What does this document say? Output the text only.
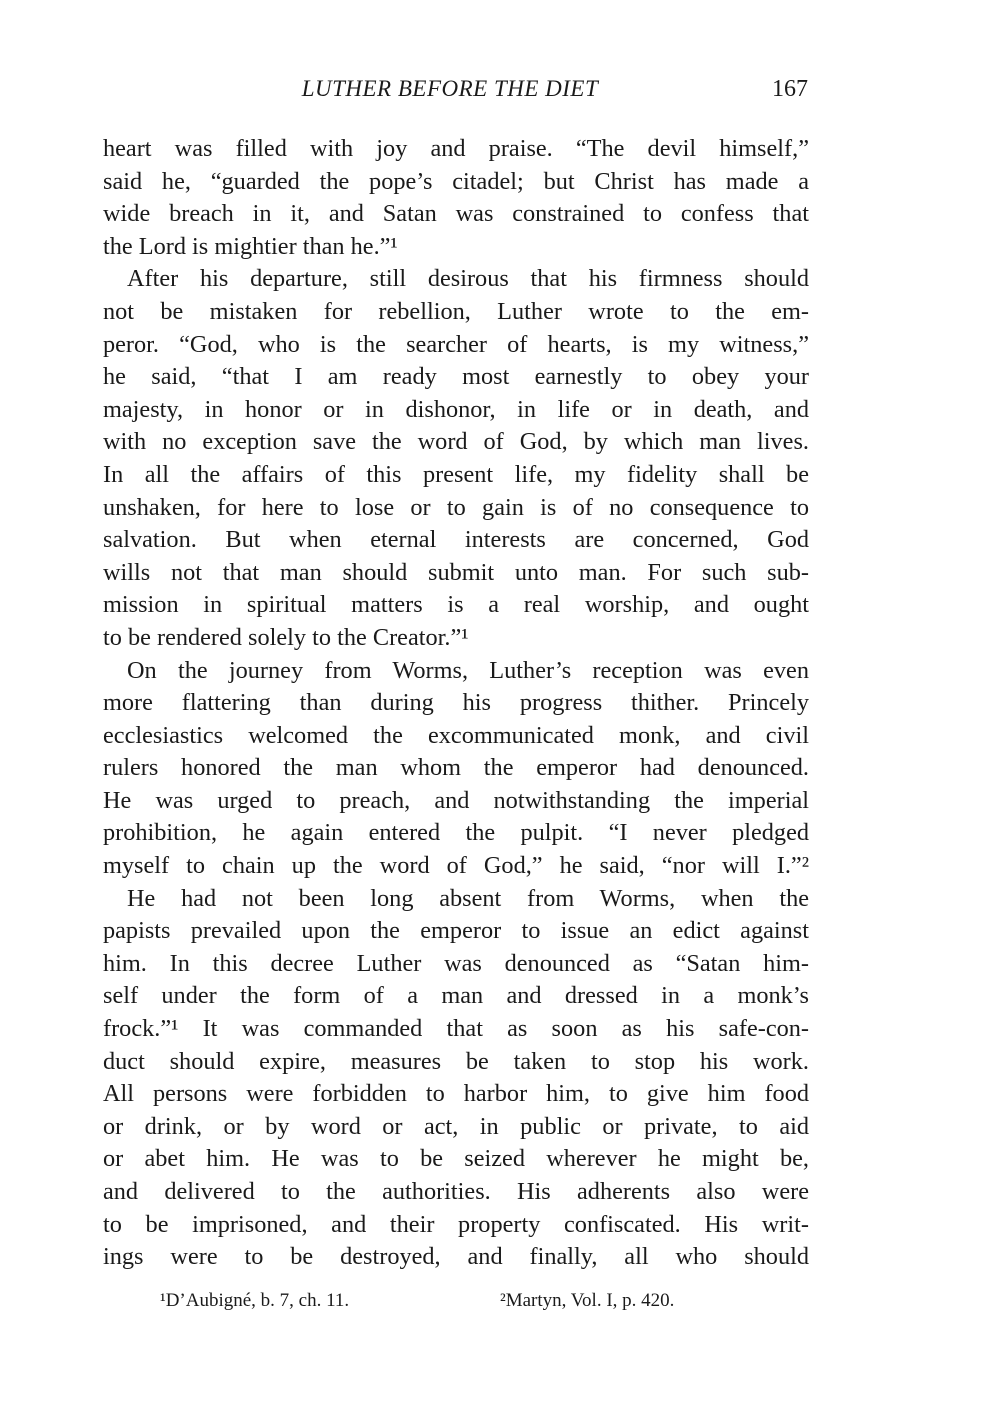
LUTHER BEFORE THE DIET	167
heart was filled with joy and praise. “The devil himself,”
said he, “guarded the pope’s citadel; but Christ has made a
wide breach in it, and Satan was constrained to confess that
the Lord is mightier than he.”¹
After his departure, still desirous that his firmness should
not be mistaken for rebellion, Luther wrote to the em-
peror. “God, who is the searcher of hearts, is my witness,”
he said, “that I am ready most earnestly to obey your
majesty, in honor or in dishonor, in life or in death, and
with no exception save the word of God, by which man lives.
In all the affairs of this present life, my fidelity shall be
unshaken, for here to lose or to gain is of no consequence to
salvation. But when eternal interests are concerned, God
wills not that man should submit unto man. For such sub-
mission in spiritual matters is a real worship, and ought
to be rendered solely to the Creator.”¹
On the journey from Worms, Luther’s reception was even
more flattering than during his progress thither. Princely
ecclesiastics welcomed the excommunicated monk, and civil
rulers honored the man whom the emperor had denounced.
He was urged to preach, and notwithstanding the imperial
prohibition, he again entered the pulpit. “I never pledged
myself to chain up the word of God,” he said, “nor will I.”²
He had not been long absent from Worms, when the
papists prevailed upon the emperor to issue an edict against
him. In this decree Luther was denounced as “Satan him-
self under the form of a man and dressed in a monk’s
frock.”¹ It was commanded that as soon as his safe-con-
duct should expire, measures be taken to stop his work.
All persons were forbidden to harbor him, to give him food
or drink, or by word or act, in public or private, to aid
or abet him. He was to be seized wherever he might be,
and delivered to the authorities. His adherents also were
to be imprisoned, and their property confiscated. His writ-
ings were to be destroyed, and finally, all who should
¹D’Aubigné, b. 7, ch. 11.	²Martyn, Vol. I, p. 420.
